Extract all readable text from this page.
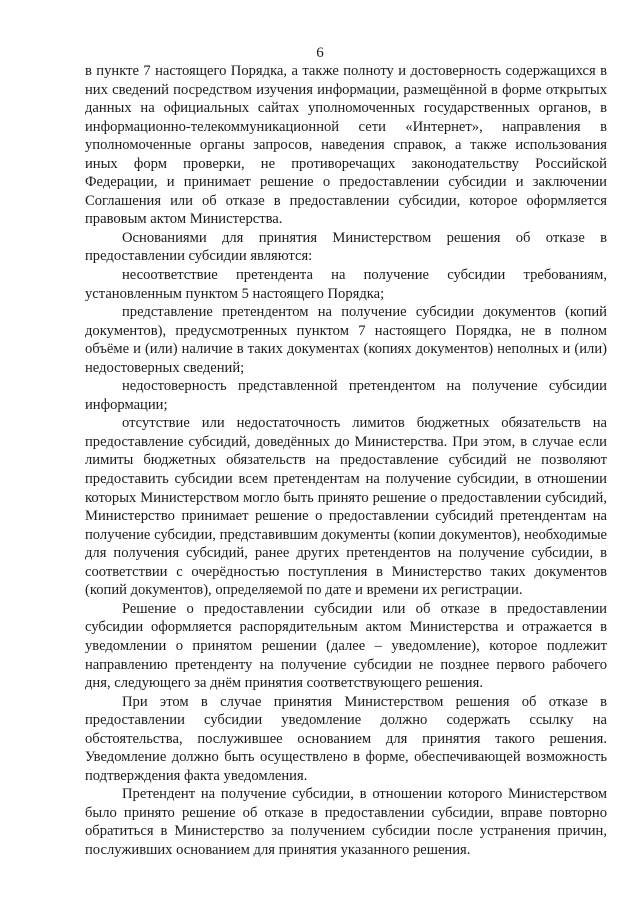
6

в пункте 7 настоящего Порядка, а также полноту и достоверность содержащихся в них сведений посредством изучения информации, размещённой в форме открытых данных на официальных сайтах уполномоченных государственных органов, в информационно-телекоммуникационной сети «Интернет», направления в уполномоченные органы запросов, наведения справок, а также использования иных форм проверки, не противоречащих законодательству Российской Федерации, и принимает решение о предоставлении субсидии и заключении Соглашения или об отказе в предоставлении субсидии, которое оформляется правовым актом Министерства.

Основаниями для принятия Министерством решения об отказе в предоставлении субсидии являются:

несоответствие претендента на получение субсидии требованиям, установленным пунктом 5 настоящего Порядка;

представление претендентом на получение субсидии документов (копий документов), предусмотренных пунктом 7 настоящего Порядка, не в полном объёме и (или) наличие в таких документах (копиях документов) неполных и (или) недостоверных сведений;

недостоверность представленной претендентом на получение субсидии информации;

отсутствие или недостаточность лимитов бюджетных обязательств на предоставление субсидий, доведённых до Министерства. При этом, в случае если лимиты бюджетных обязательств на предоставление субсидий не позволяют предоставить субсидии всем претендентам на получение субсидии, в отношении которых Министерством могло быть принято решение о предоставлении субсидий, Министерство принимает решение о предоставлении субсидий претендентам на получение субсидии, представившим документы (копии документов), необходимые для получения субсидий, ранее других претендентов на получение субсидии, в соответствии с очерёдностью поступления в Министерство таких документов (копий документов), определяемой по дате и времени их регистрации.

Решение о предоставлении субсидии или об отказе в предоставлении субсидии оформляется распорядительным актом Министерства и отражается в уведомлении о принятом решении (далее – уведомление), которое подлежит направлению претенденту на получение субсидии не позднее первого рабочего дня, следующего за днём принятия соответствующего решения.

При этом в случае принятия Министерством решения об отказе в предоставлении субсидии уведомление должно содержать ссылку на обстоятельства, послужившее основанием для принятия такого решения. Уведомление должно быть осуществлено в форме, обеспечивающей возможность подтверждения факта уведомления.

Претендент на получение субсидии, в отношении которого Министерством было принято решение об отказе в предоставлении субсидии, вправе повторно обратиться в Министерство за получением субсидии после устранения причин, послуживших основанием для принятия указанного решения.
